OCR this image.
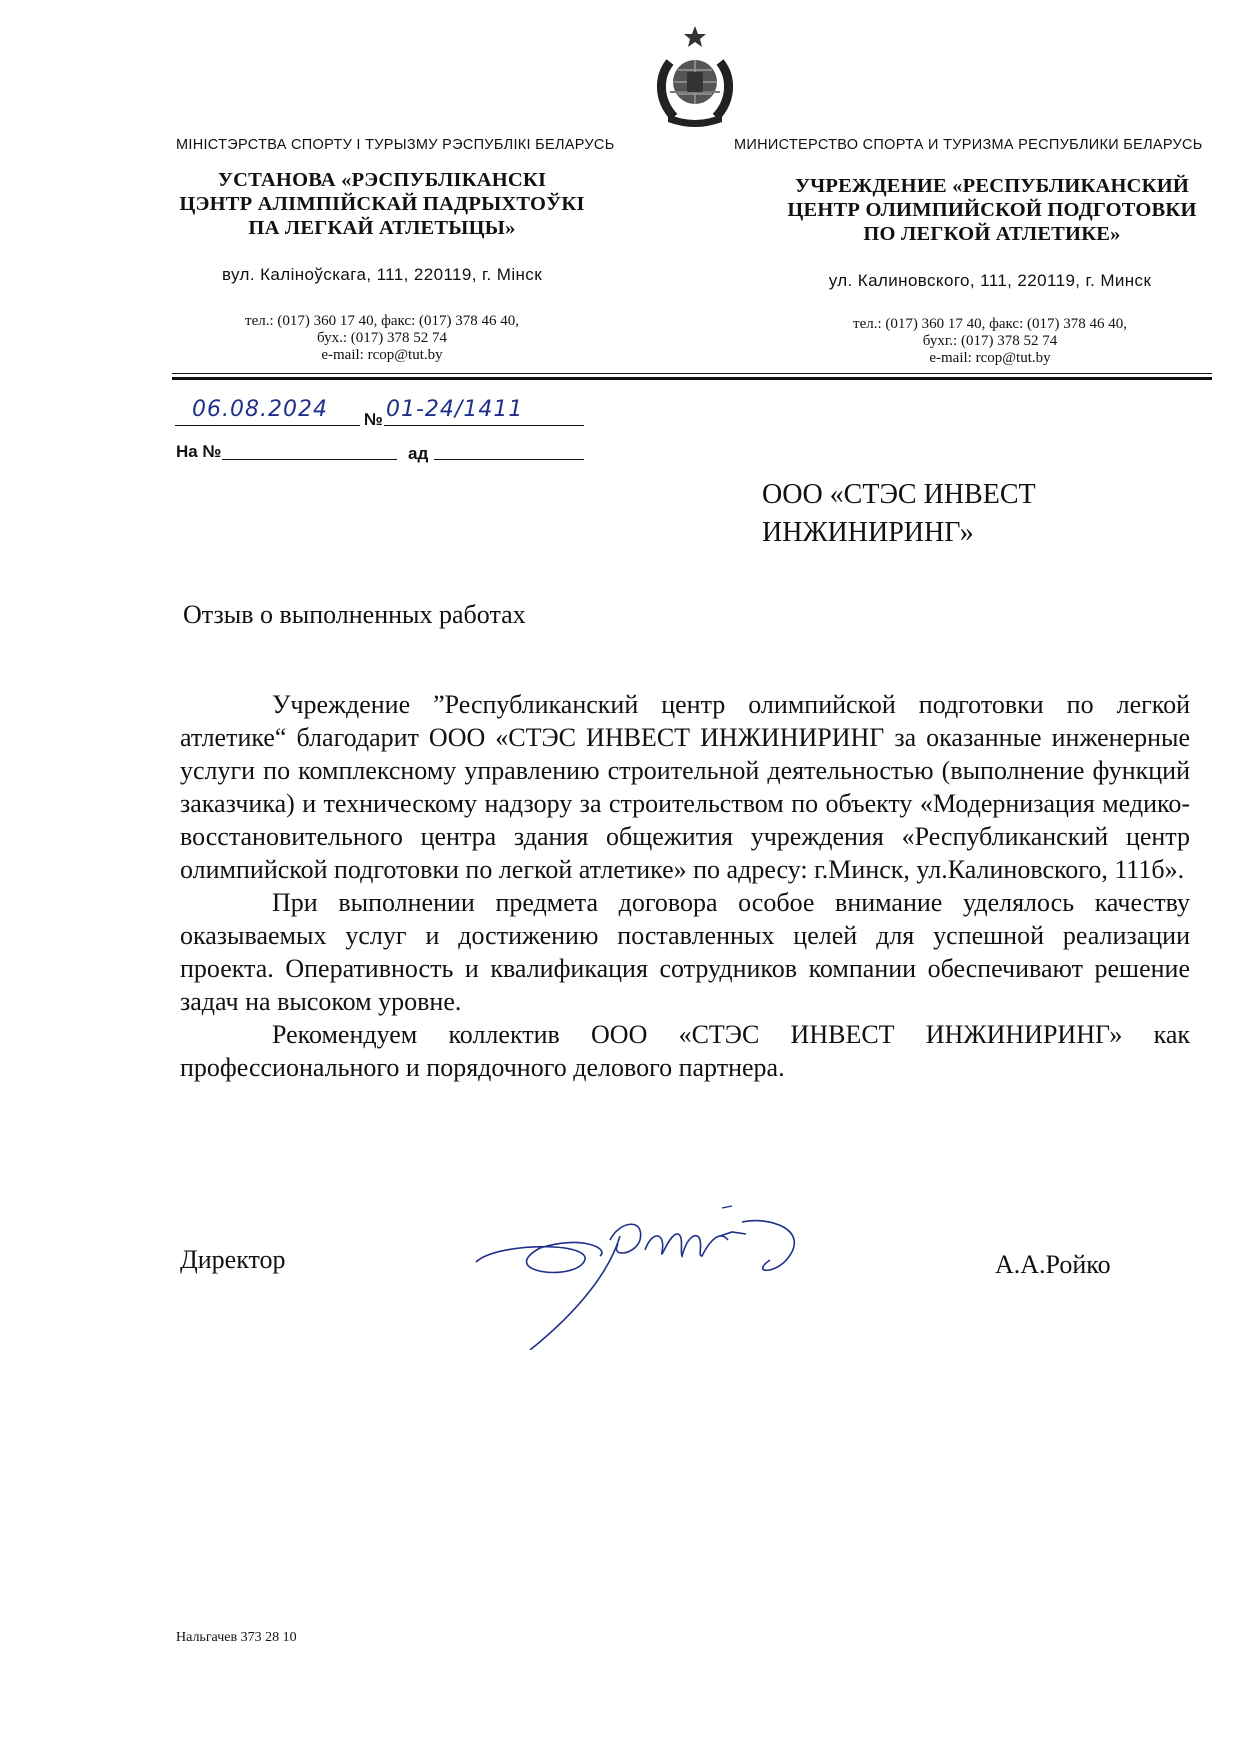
МІНІСТЭРСТВА СПОРТУ І ТУРЫЗМУ РЭСПУБЛІКІ БЕЛАРУСЬ
УСТАНОВА «РЭСПУБЛІКАНСКІ
ЦЭНТР АЛІМПІЙСКАЙ ПАДРЫХТОЎКІ
ПА ЛЕГКАЙ АТЛЕТЫЦЫ»
вул. Каліноўскага, 111, 220119, г. Мінск
тел.: (017) 360 17 40, факс: (017) 378 46 40,
бух.: (017) 378 52 74
e-mail: rcop@tut.by
МИНИСТЕРСТВО СПОРТА И ТУРИЗМА РЕСПУБЛИКИ БЕЛАРУСЬ
УЧРЕЖДЕНИЕ «РЕСПУБЛИКАНСКИЙ
ЦЕНТР ОЛИМПИЙСКОЙ ПОДГОТОВКИ
ПО ЛЕГКОЙ АТЛЕТИКЕ»
ул. Калиновского, 111, 220119, г. Минск
тел.: (017) 360 17 40, факс: (017) 378 46 40,
бухг.: (017) 378 52 74
e-mail: rcop@tut.by
06.08.2024 № 01-24/1411
На №	ад
ООО «СТЭС ИНВЕСТ
ИНЖИНИРИНГ»
Отзыв о выполненных работах
Учреждение ”Республиканский центр олимпийской подготовки по легкой атлетике“ благодарит ООО «СТЭС ИНВЕСТ ИНЖИНИРИНГ за оказанные инженерные услуги по комплексному управлению строительной деятельностью (выполнение функций заказчика) и техническому надзору за строительством по объекту «Модернизация медико-восстановительного центра здания общежития учреждения «Республиканский центр олимпийской подготовки по легкой атлетике» по адресу: г.Минск, ул.Калиновского, 111б».
При выполнении предмета договора особое внимание уделялось качеству оказываемых услуг и достижению поставленных целей для успешной реализации проекта. Оперативность и квалификация сотрудников компании обеспечивают решение задач на высоком уровне.
Рекомендуем коллектив ООО «СТЭС ИНВЕСТ ИНЖИНИРИНГ» как профессионального и порядочного делового партнера.
Директор	А.А.Ройко
Нальгачев 373 28 10
